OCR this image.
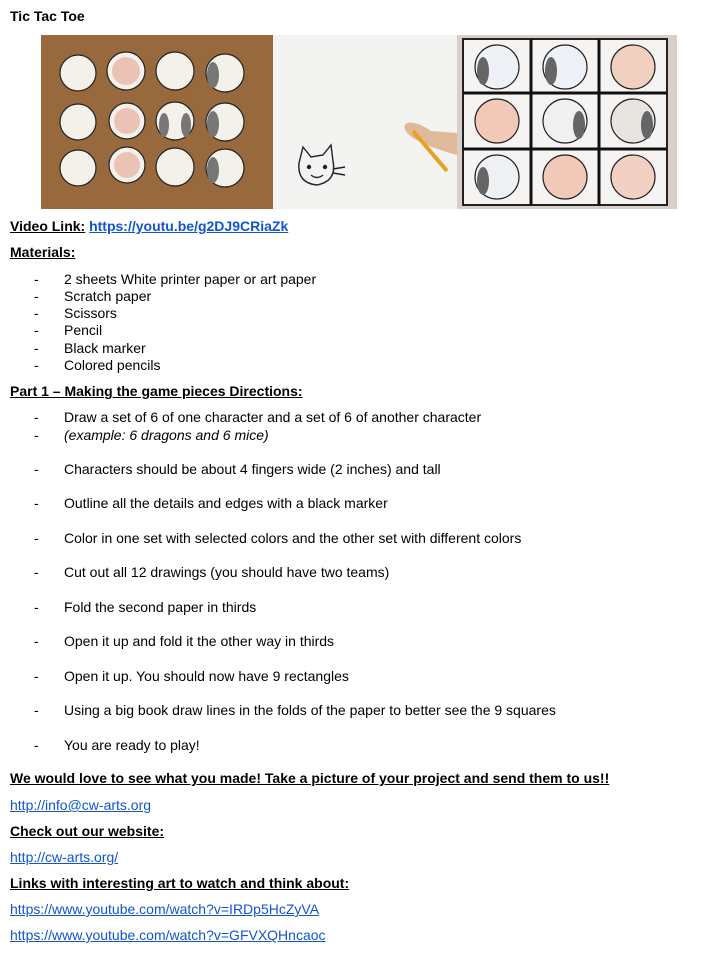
Tic Tac Toe
Video Link: https://youtu.be/g2DJ9CRiaZk
Materials:
- 2 sheets White printer paper or art paper
- Scratch paper
- Scissors
- Pencil
- Black marker
- Colored pencils
Part 1 – Making the game pieces Directions:
- Draw a set of 6 of one character and a set of 6 of another character
- (example: 6 dragons and 6 mice)
- Characters should be about 4 fingers wide (2 inches) and tall
- Outline all the details and edges with a black marker
- Color in one set with selected colors and the other set with different colors
- Cut out all 12 drawings (you should have two teams)
- Fold the second paper in thirds
- Open it up and fold it the other way in thirds
- Open it up. You should now have 9 rectangles
- Using a big book draw lines in the folds of the paper to better see the 9 squares
- You are ready to play!
We would love to see what you made! Take a picture of your project and send them to us!!
http://info@cw-arts.org
Check out our website:
http://cw-arts.org/
Links with interesting art to watch and think about:
https://www.youtube.com/watch?v=IRDp5HcZyVA
https://www.youtube.com/watch?v=GFVXQHncaoc
